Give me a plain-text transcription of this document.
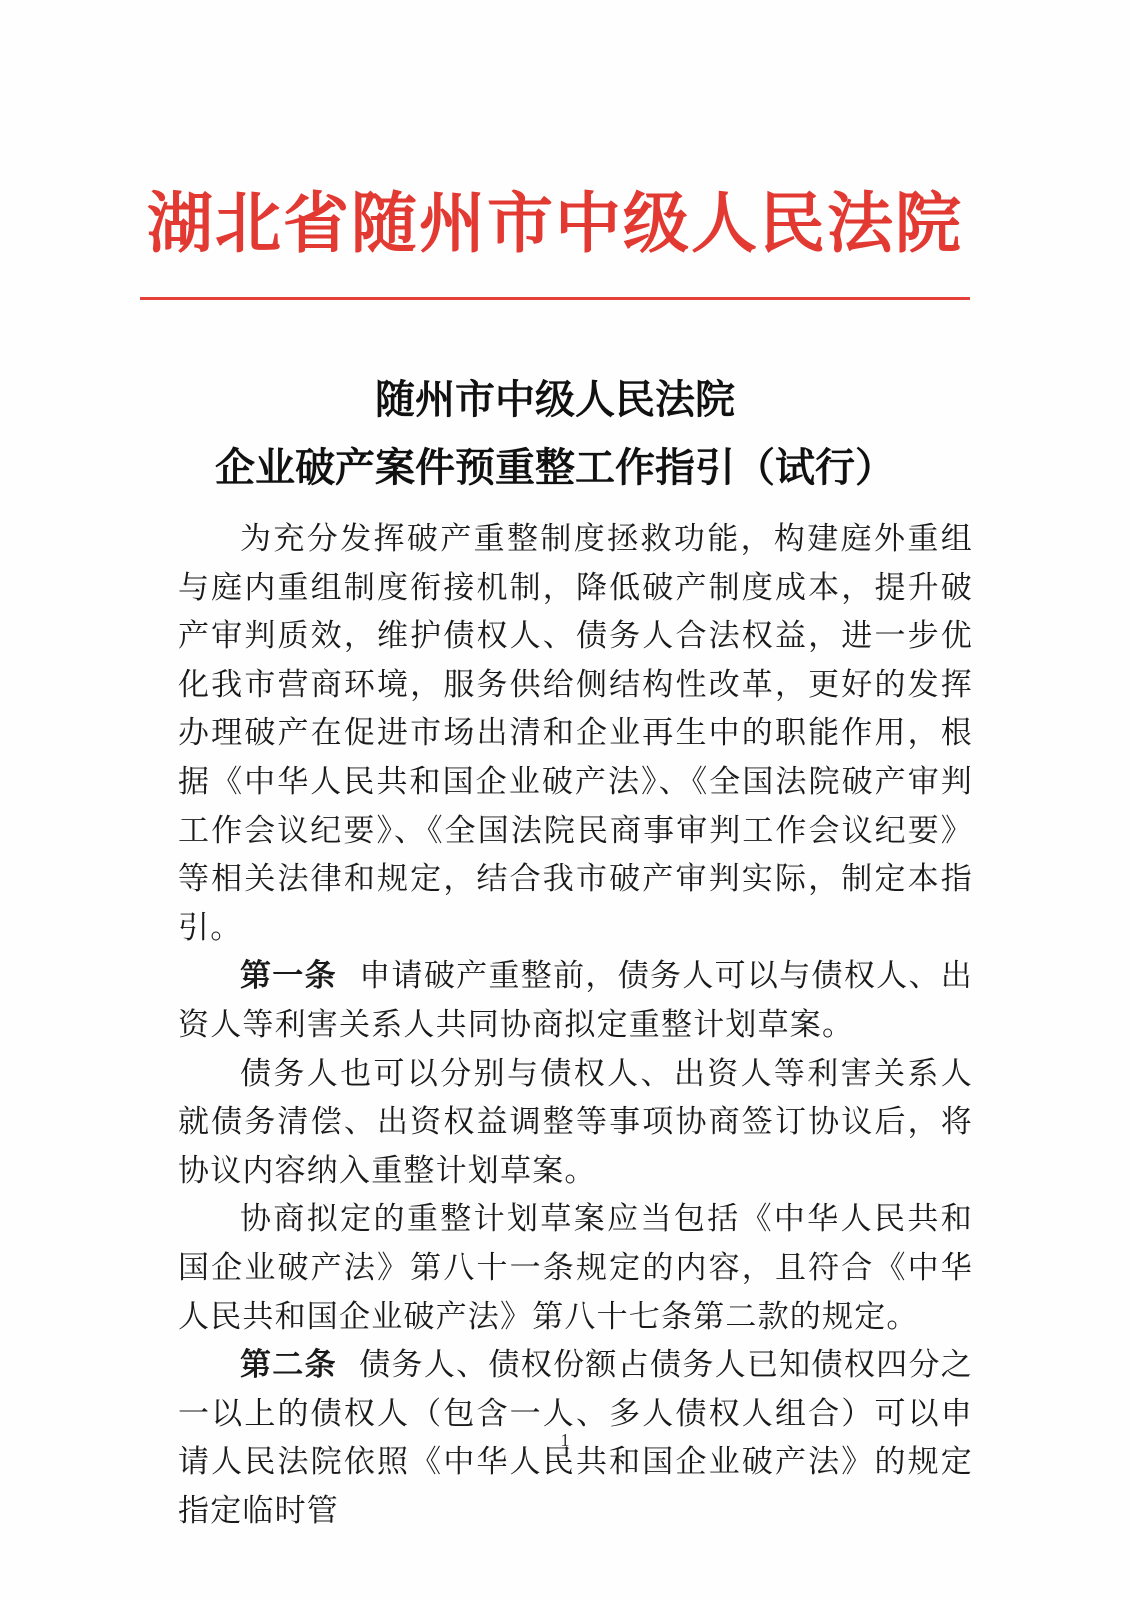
湖北省随州市中级人民法院
随州市中级人民法院
企业破产案件预重整工作指引（试行）

为充分发挥破产重整制度拯救功能，构建庭外重组与庭内重组制度衔接机制，降低破产制度成本，提升破产审判质效，维护债权人、债务人合法权益，进一步优化我市营商环境，服务供给侧结构性改革，更好的发挥办理破产在促进市场出清和企业再生中的职能作用，根据《中华人民共和国企业破产法》、《全国法院破产审判工作会议纪要》、《全国法院民商事审判工作会议纪要》等相关法律和规定，结合我市破产审判实际，制定本指引。

第一条 申请破产重整前，债务人可以与债权人、出资人等利害关系人共同协商拟定重整计划草案。

债务人也可以分别与债权人、出资人等利害关系人就债务清偿、出资权益调整等事项协商签订协议后，将协议内容纳入重整计划草案。

协商拟定的重整计划草案应当包括《中华人民共和国企业破产法》第八十一条规定的内容，且符合《中华人民共和国企业破产法》第八十七条第二款的规定。

第二条 债务人、债权份额占债务人已知债权四分之一以上的债权人（包含一人、多人债权人组合）可以申请人民法院依照《中华人民共和国企业破产法》的规定指定临时管

1
